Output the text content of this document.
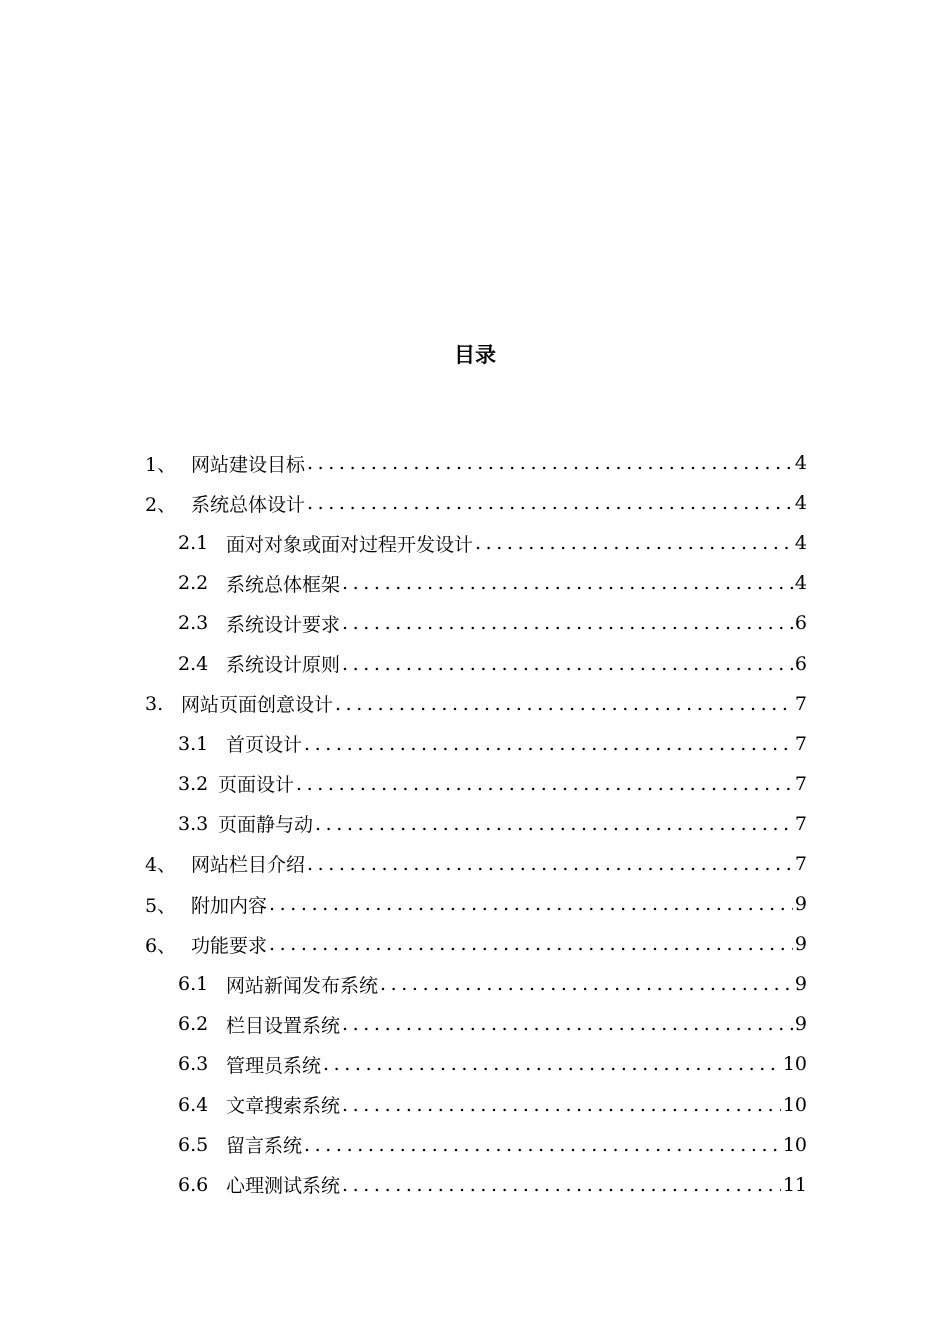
目录
1、 网站建设目标 .....	4
2、 系统总体设计 .....	4
2.1 面对对象或面对过程开发设计 .....	4
2.2 系统总体框架 .....	4
2.3 系统设计要求 .....	6
2.4 系统设计原则 .....	6
3. 网站页面创意设计 .....	7
3.1 首页设计 .....	7
3.2 页面设计 .....	7
3.3 页面静与动 .....	7
4、 网站栏目介绍 .....	7
5、 附加内容 .....	9
6、 功能要求 .....	9
6.1 网站新闻发布系统 .....	9
6.2 栏目设置系统 .....	9
6.3 管理员系统 .....	10
6.4 文章搜索系统 .....	10
6.5 留言系统 .....	10
6.6 心理测试系统 .....	11
